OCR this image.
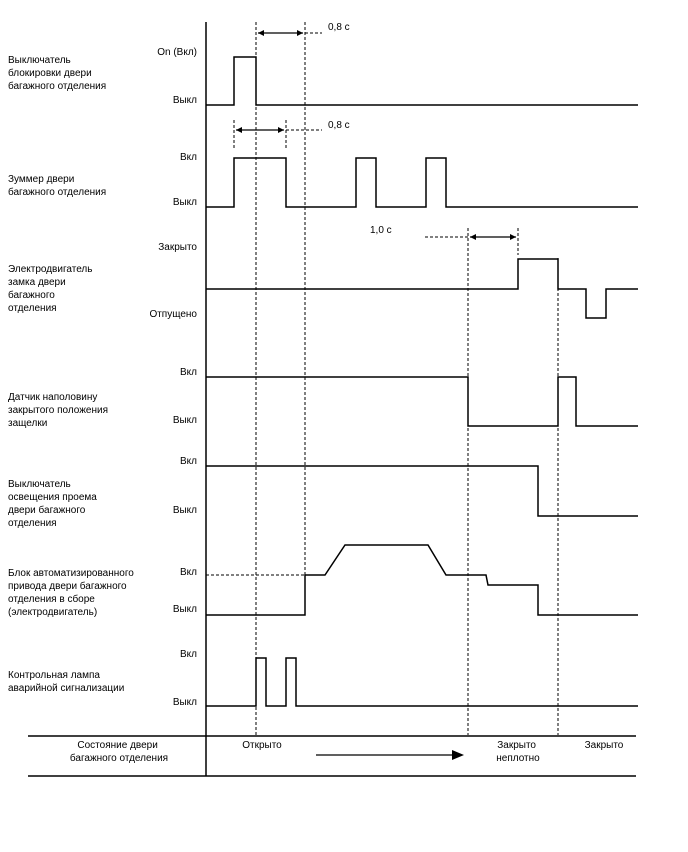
Выключатель блокировки двери багажного отделения
Зуммер двери багажного отделения
Электродвигатель замка двери багажного отделения
Датчик наполовину закрытого положения защелки
Выключатель освещения проема двери багажного отделения
Блок автоматизированного привода двери багажного отделения в сборе (электродвигатель)
Контрольная лампа аварийной сигнализации
On (Вкл)
Выкл
Вкл
Выкл
Закрыто
Отпущено
Вкл
Выкл
Вкл
Выкл
Вкл
Выкл
Вкл
Выкл
0,8 с
0,8 с
1,0 с
Состояние двери багажного отделения
Открыто	Закрыто неплотно
Закрыто
